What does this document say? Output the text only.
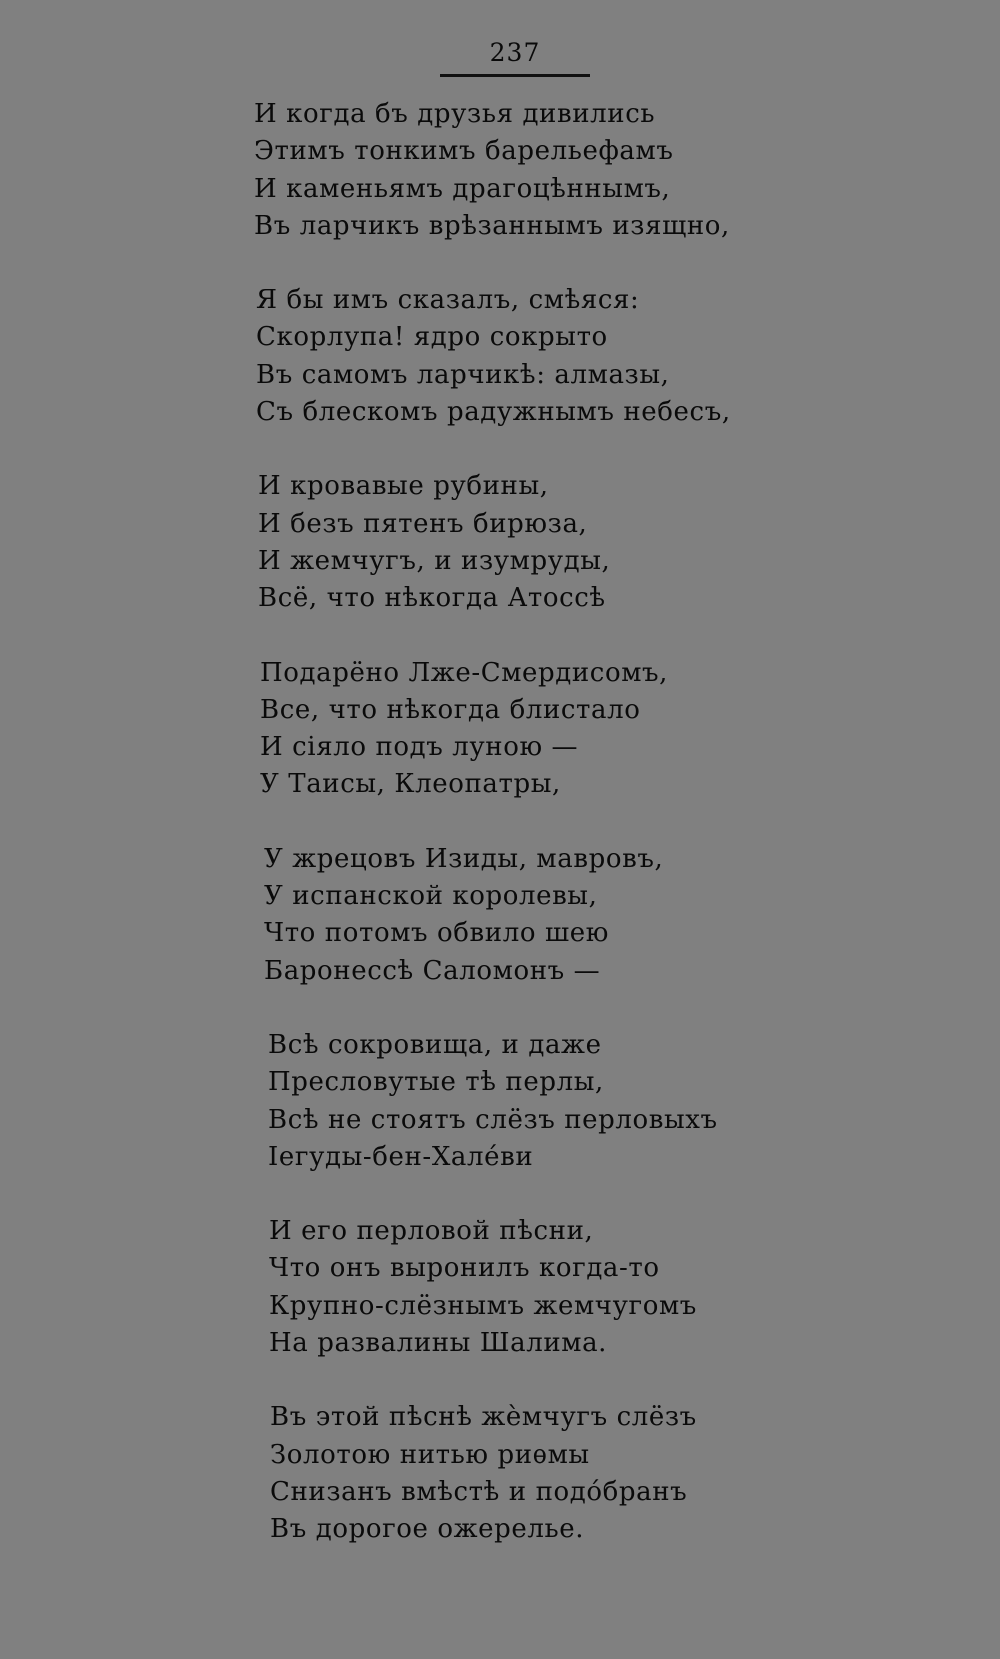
237
И когда бъ друзья дивились
Этимъ тонкимъ барельефамъ
И каменьямъ драгоцѣннымъ,
Въ ларчикъ врѣзаннымъ изящно,
Я бы имъ сказалъ, смѣяся:
Скорлупа! ядро сокрыто
Въ самомъ ларчикѣ: алмазы,
Съ блескомъ радужнымъ небесъ,
И кровавые рубины,
И безъ пятенъ бирюза,
И жемчугъ, и изумруды,
Всё, что нѣкогда Атоссѣ
Подарёно Лже-Смердисомъ,
Все, что нѣкогда блистало
И сіяло подъ луною —
У Таисы, Клеопатры,
У жрецовъ Изиды, мавровъ,
У испанской королевы,
Что потомъ обвило шею
Баронессѣ Саломонъ —
Всѣ сокровища, и даже
Пресловутые тѣ перлы,
Всѣ не стоятъ слёзъ перловыхъ
Іегуды-бен-Халéви
И его перловой пѣсни,
Что онъ выронилъ когда-то
Крупно-слёзнымъ жемчугомъ
На развалины Шалима.
Въ этой пѣснѣ жèмчугъ слёзъ
Золотою нитью риѳмы
Снизанъ вмѣстѣ и подóбранъ
Въ дорогое ожерелье.
